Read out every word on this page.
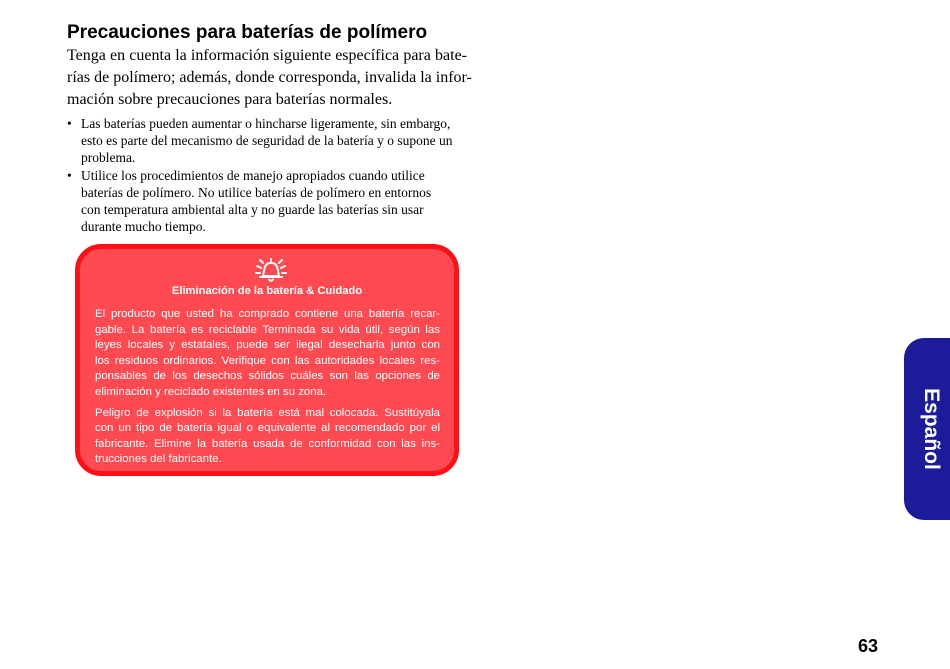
Precauciones para baterías de polímero
Tenga en cuenta la información siguiente específica para bate-
rías de polímero; además, donde corresponda, invalida la infor-
mación sobre precauciones para baterías normales.
• Las baterías pueden aumentar o hincharse ligeramente, sin embargo,
esto es parte del mecanismo de seguridad de la batería y o supone un
problema.
• Utilice los procedimientos de manejo apropiados cuando utilice
baterías de polímero. No utilice baterías de polímero en entornos
con temperatura ambiental alta y no guarde las baterías sin usar
durante mucho tiempo.
Eliminación de la batería & Cuidado

El producto que usted ha comprado contiene una batería recar-
gable. La batería es reciclable Terminada su vida útil, según las
leyes locales y estatales, puede ser ilegal desecharla junto con
los residuos ordinarios. Verifique con las autoridades locales res-
ponsables de los desechos sólidos cuáles son las opciones de
eliminación y reciclado existentes en su zona.

Peligro de explosión si la batería está mal colocada. Sustitúyala
con un tipo de batería igual o equivalente al recomendado por el
fabricante. Elimine la batería usada de conformidad con las ins-
trucciones del fabricante.	Español
63
